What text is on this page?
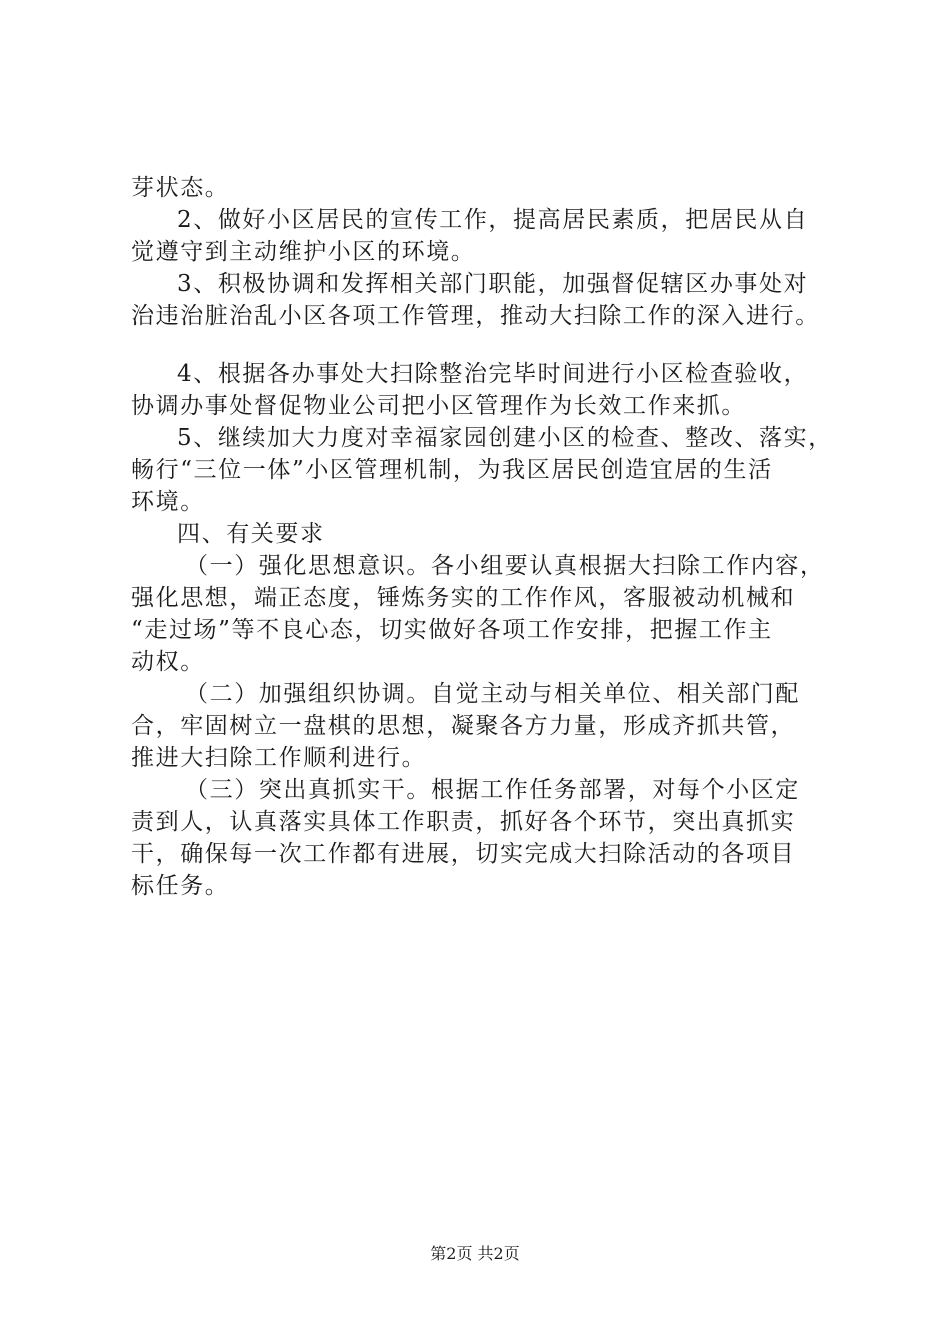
芽状态。
2、做好小区居民的宣传工作，提高居民素质，把居民从自
觉遵守到主动维护小区的环境。
3、积极协调和发挥相关部门职能，加强督促辖区办事处对
治违治脏治乱小区各项工作管理，推动大扫除工作的深入进行。
4、根据各办事处大扫除整治完毕时间进行小区检查验收，
协调办事处督促物业公司把小区管理作为长效工作来抓。
5、继续加大力度对幸福家园创建小区的检查、整改、落实，
畅行“三位一体”小区管理机制，为我区居民创造宜居的生活
环境。
四、有关要求
（一）强化思想意识。各小组要认真根据大扫除工作内容，
强化思想，端正态度，锤炼务实的工作作风，客服被动机械和
“走过场”等不良心态，切实做好各项工作安排，把握工作主
动权。
（二）加强组织协调。自觉主动与相关单位、相关部门配
合，牢固树立一盘棋的思想，凝聚各方力量，形成齐抓共管，
推进大扫除工作顺利进行。
（三）突出真抓实干。根据工作任务部署，对每个小区定
责到人，认真落实具体工作职责，抓好各个环节，突出真抓实
干，确保每一次工作都有进展，切实完成大扫除活动的各项目
标任务。
第2页 共2页
